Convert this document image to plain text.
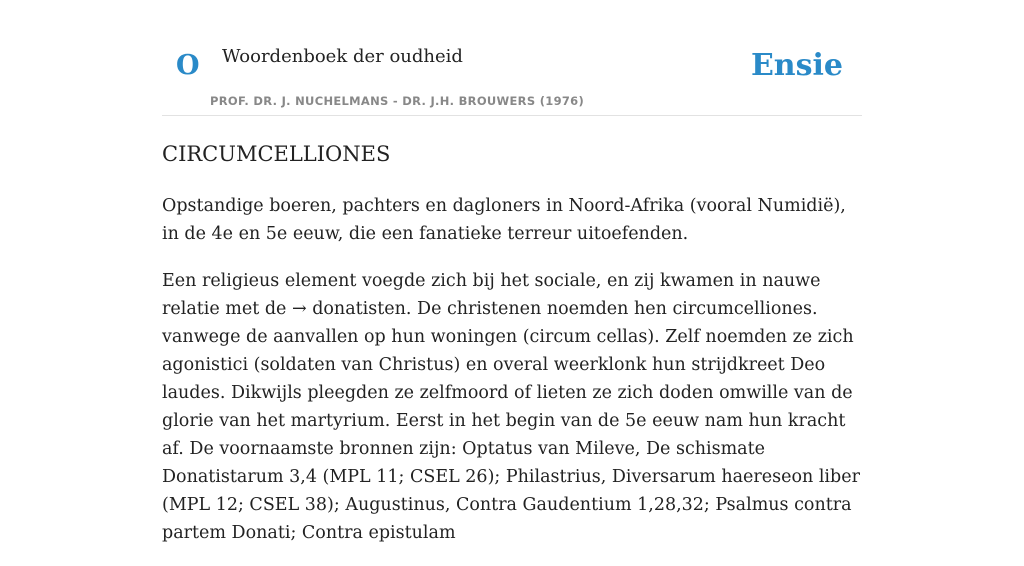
O Woordenboek der oudheid
PROF. DR. J. NUCHELMANS - DR. J.H. BROUWERS (1976)
Ensie
CIRCUMCELLIONES

Opstandige boeren, pachters en dagloners in Noord-Afrika (vooral Numidië), in de 4e en 5e eeuw, die een fanatieke terreur uitoefenden.

Een religieus element voegde zich bij het sociale, en zij kwamen in nauwe relatie met de → donatisten. De christenen noemden hen circumcelliones. vanwege de aanvallen op hun woningen (circum cellas). Zelf noemden ze zich agonistici (soldaten van Christus) en overal weerklonk hun strijdkreet Deo laudes. Dikwijls pleegden ze zelfmoord of lieten ze zich doden omwille van de glorie van het martyrium. Eerst in het begin van de 5e eeuw nam hun kracht af. De voornaamste bronnen zijn: Optatus van Mileve, De schismate Donatistarum 3,4 (MPL 11; CSEL 26); Philastrius, Diversarum haereseon liber (MPL 12; CSEL 38); Augustinus, Contra Gaudentium 1,28,32; Psalmus contra partem Donati; Contra epistulam
